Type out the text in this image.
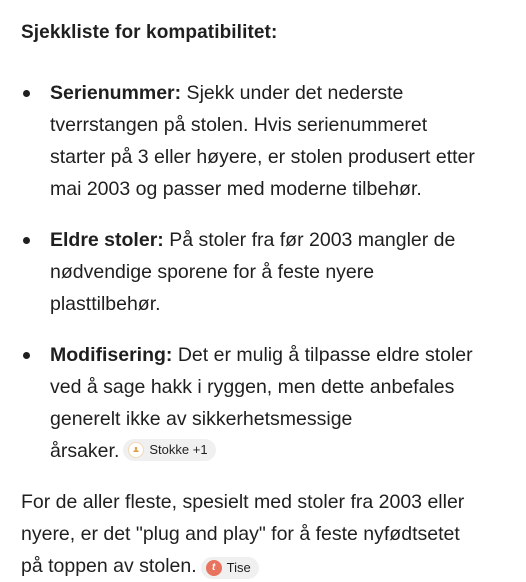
Sjekkliste for kompatibilitet:
Serienummer: Sjekk under det nederste
tverrstangen på stolen. Hvis serienummeret
starter på 3 eller høyere, er stolen produsert etter
mai 2003 og passer med moderne tilbehør.
Eldre stoler: På stoler fra før 2003 mangler de
nødvendige sporene for å feste nyere
plasttilbehør.
Modifisering: Det er mulig å tilpasse eldre stoler
ved å sage hakk i ryggen, men dette anbefales
generelt ikke av sikkerhetsmessige
årsaker. Stokke +1

For de aller fleste, spesielt med stoler fra 2003 eller
nyere, er det "plug and play" for å feste nyfødtsetet
på toppen av stolen.	t Tise
